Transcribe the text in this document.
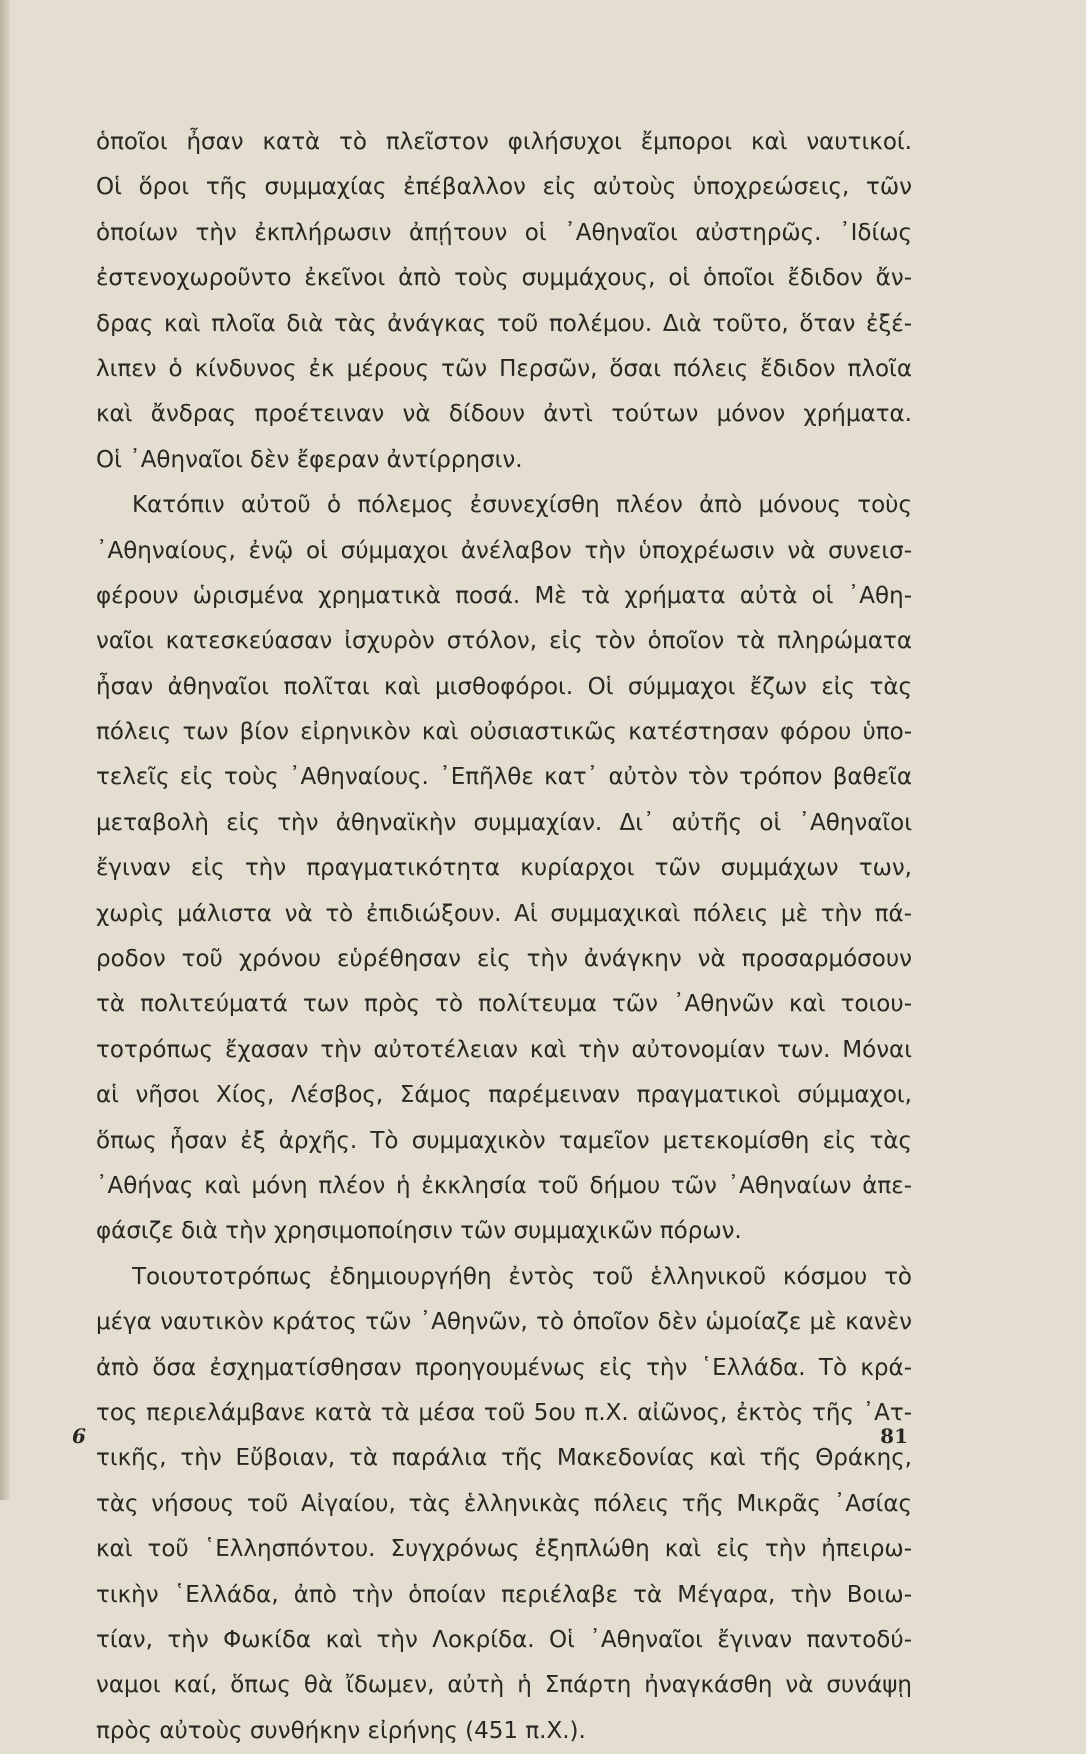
ὁποῖοι ἦσαν κατὰ τὸ πλεῖστον φιλήσυχοι ἔμποροι καὶ ναυτικοί.
Οἱ ὅροι τῆς συμμαχίας ἐπέβαλλον εἰς αὐτοὺς ὑποχρεώσεις, τῶν
ὁποίων τὴν ἐκπλήρωσιν ἀπῄτουν οἱ ᾿Αθηναῖοι αὐστηρῶς. ᾿Ιδίως
ἐστενοχωροῦντο ἐκεῖνοι ἀπὸ τοὺς συμμάχους, οἱ ὁποῖοι ἔδιδον ἄν-
δρας καὶ πλοῖα διὰ τὰς ἀνάγκας τοῦ πολέμου. Διὰ τοῦτο, ὅταν ἐξέ-
λιπεν ὁ κίνδυνος ἐκ μέρους τῶν Περσῶν, ὅσαι πόλεις ἔδιδον πλοῖα
καὶ ἄνδρας προέτειναν νὰ δίδουν ἀντὶ τούτων μόνον χρήματα.
Οἱ ᾿Αθηναῖοι δὲν ἔφεραν ἀντίρρησιν.
Κατόπιν αὐτοῦ ὁ πόλεμος ἐσυνεχίσθη πλέον ἀπὸ μόνους τοὺς
᾿Αθηναίους, ἐνῷ οἱ σύμμαχοι ἀνέλαβον τὴν ὑποχρέωσιν νὰ συνεισ-
φέρουν ὡρισμένα χρηματικὰ ποσά. Μὲ τὰ χρήματα αὐτὰ οἱ ᾿Αθη-
ναῖοι κατεσκεύασαν ἰσχυρὸν στόλον, εἰς τὸν ὁποῖον τὰ πληρώματα
ἦσαν ἀθηναῖοι πολῖται καὶ μισθοφόροι. Οἱ σύμμαχοι ἔζων εἰς τὰς
πόλεις των βίον εἰρηνικὸν καὶ οὐσιαστικῶς κατέστησαν φόρου ὑπο-
τελεῖς εἰς τοὺς ᾿Αθηναίους. ᾿Επῆλθε κατ᾿ αὐτὸν τὸν τρόπον βαθεῖα
μεταβολὴ εἰς τὴν ἀθηναϊκὴν συμμαχίαν. Δι᾿ αὐτῆς οἱ ᾿Αθηναῖοι
ἔγιναν εἰς τὴν πραγματικότητα κυρίαρχοι τῶν συμμάχων των,
χωρὶς μάλιστα νὰ τὸ ἐπιδιώξουν. Αἱ συμμαχικαὶ πόλεις μὲ τὴν πά-
ροδον τοῦ χρόνου εὑρέθησαν εἰς τὴν ἀνάγκην νὰ προσαρμόσουν
τὰ πολιτεύματά των πρὸς τὸ πολίτευμα τῶν ᾿Αθηνῶν καὶ τοιου-
τοτρόπως ἔχασαν τὴν αὐτοτέλειαν καὶ τὴν αὐτονομίαν των. Μόναι
αἱ νῆσοι Χίος, Λέσβος, Σάμος παρέμειναν πραγματικοὶ σύμμαχοι,
ὅπως ἦσαν ἐξ ἀρχῆς. Τὸ συμμαχικὸν ταμεῖον μετεκομίσθη εἰς τὰς
᾿Αθήνας καὶ μόνη πλέον ἡ ἐκκλησία τοῦ δήμου τῶν ᾿Αθηναίων ἀπε-
φάσιζε διὰ τὴν χρησιμοποίησιν τῶν συμμαχικῶν πόρων.
Τοιουτοτρόπως ἐδημιουργήθη ἐντὸς τοῦ ἑλληνικοῦ κόσμου τὸ
μέγα ναυτικὸν κράτος τῶν ᾿Αθηνῶν, τὸ ὁποῖον δὲν ὡμοίαζε μὲ κανὲν
ἀπὸ ὅσα ἐσχηματίσθησαν προηγουμένως εἰς τὴν ῾Ελλάδα. Τὸ κρά-
τος περιελάμβανε κατὰ τὰ μέσα τοῦ 5ου π.Χ. αἰῶνος, ἐκτὸς τῆς ᾿Ατ-
τικῆς, τὴν Εὔβοιαν, τὰ παράλια τῆς Μακεδονίας καὶ τῆς Θράκης,
τὰς νήσους τοῦ Αἰγαίου, τὰς ἑλληνικὰς πόλεις τῆς Μικρᾶς ᾿Ασίας
καὶ τοῦ ῾Ελλησπόντου. Συγχρόνως ἐξηπλώθη καὶ εἰς τὴν ἠπειρω-
τικὴν ῾Ελλάδα, ἀπὸ τὴν ὁποίαν περιέλαβε τὰ Μέγαρα, τὴν Βοιω-
τίαν, τὴν Φωκίδα καὶ τὴν Λοκρίδα. Οἱ ᾿Αθηναῖοι ἔγιναν παντοδύ-
ναμοι καί, ὅπως θὰ ἴδωμεν, αὐτὴ ἡ Σπάρτη ἠναγκάσθη νὰ συνάψῃ
πρὸς αὐτοὺς συνθήκην εἰρήνης (451 π.Χ.).
6	81
